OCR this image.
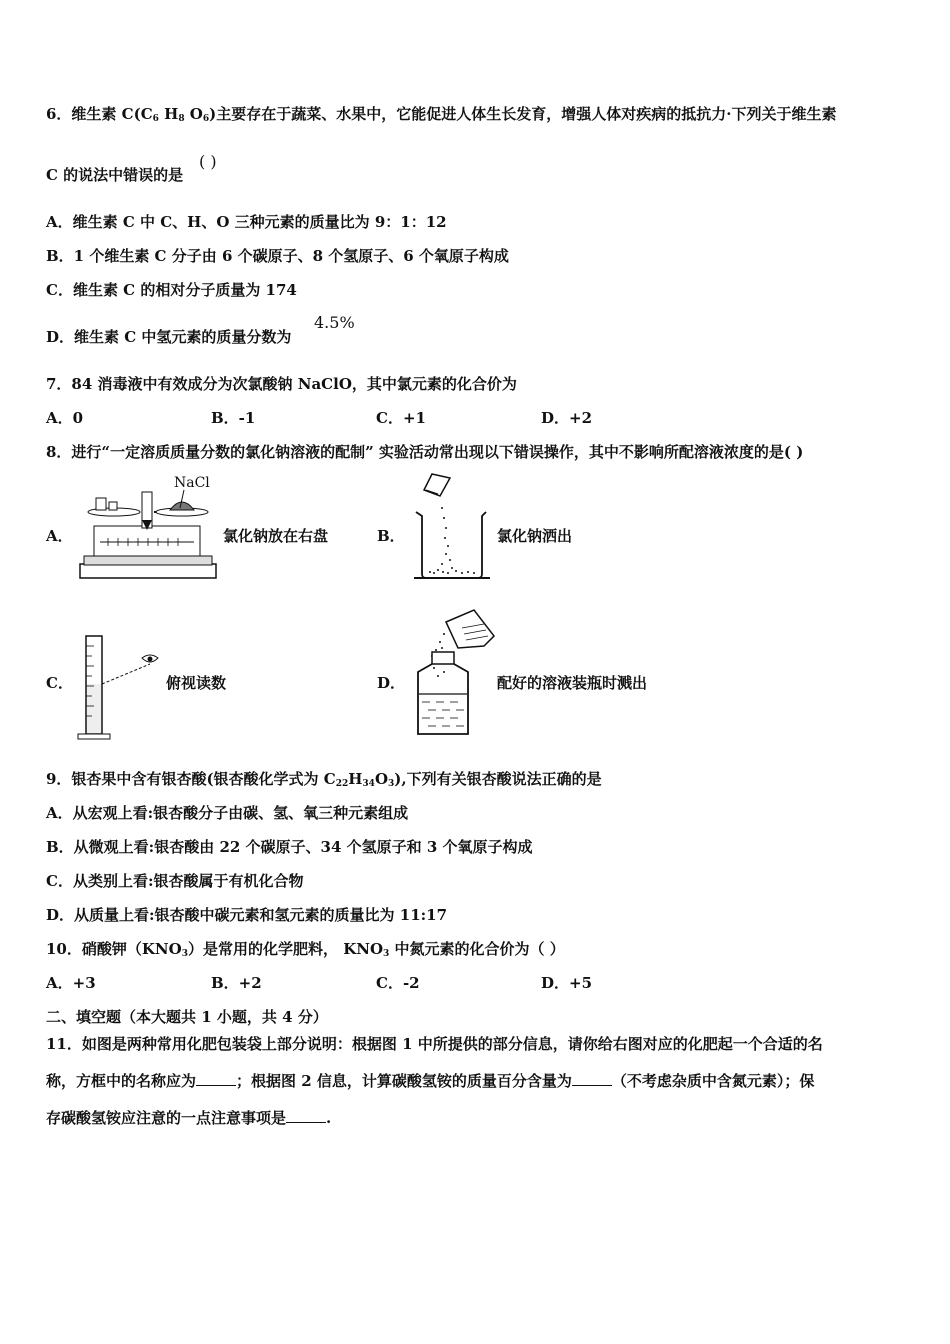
6．维生素 $C(C_6$ $H_8$ $O_6$)主要存在于蔬菜、水果中，它能促进人体生长发育，增强人体对疾病的抵抗力·下列关于维生素
C 的说法中错误的是
( )
A．维生素 C 中 C、H、O 三种元素的质量比为 9：1：12
B．1 个维生素 C 分子由 6 个碳原子、8 个氢原子、6 个氧原子构成
C．维生素 C 的相对分子质量为 174
D．维生素 C 中氢元素的质量分数为
4.5%
7．84 消毒液中有效成分为次氯酸钠 NaClO，其中氯元素的化合价为
A．0	B．-1	C．+1	D．+2
8．进行“一定溶质质量分数的氯化钠溶液的配制” 实验活动常出现以下错误操作，其中不影响所配溶液浓度的是( )
A．
NaCl
氯化钠放在右盘	B．	氯化钠洒出
C．	俯视读数	D．	配好的溶液装瓶时溅出
9．银杏果中含有银杏酸(银杏酸化学式为 $C_{22}H_{34}O_3$),下列有关银杏酸说法正确的是
A．从宏观上看:银杏酸分子由碳、氢、氧三种元素组成
B．从微观上看:银杏酸由 22 个碳原子、34 个氢原子和 3 个氧原子构成
C．从类别上看:银杏酸属于有机化合物
D．从质量上看:银杏酸中碳元素和氢元素的质量比为 11:17
10．硝酸钾$(KNO_3)$是常用的化学肥料， $KNO_3$ 中氮元素的化合价为（ ）
A．+3	B．+2	C．-2	D．+5
二、填空题（本大题共 1 小题，共 4 分）
11．如图是两种常用化肥包装袋上部分说明：根据图 1 中所提供的部分信息，请你给右图对应的化肥起一个合适的名
称，方框中的名称应为	；根据图 2 信息，计算碳酸氢铵的质量百分含量为	（不考虑杂质中含氮元素）；保
存碳酸氢铵应注意的一点注意事项是	.
